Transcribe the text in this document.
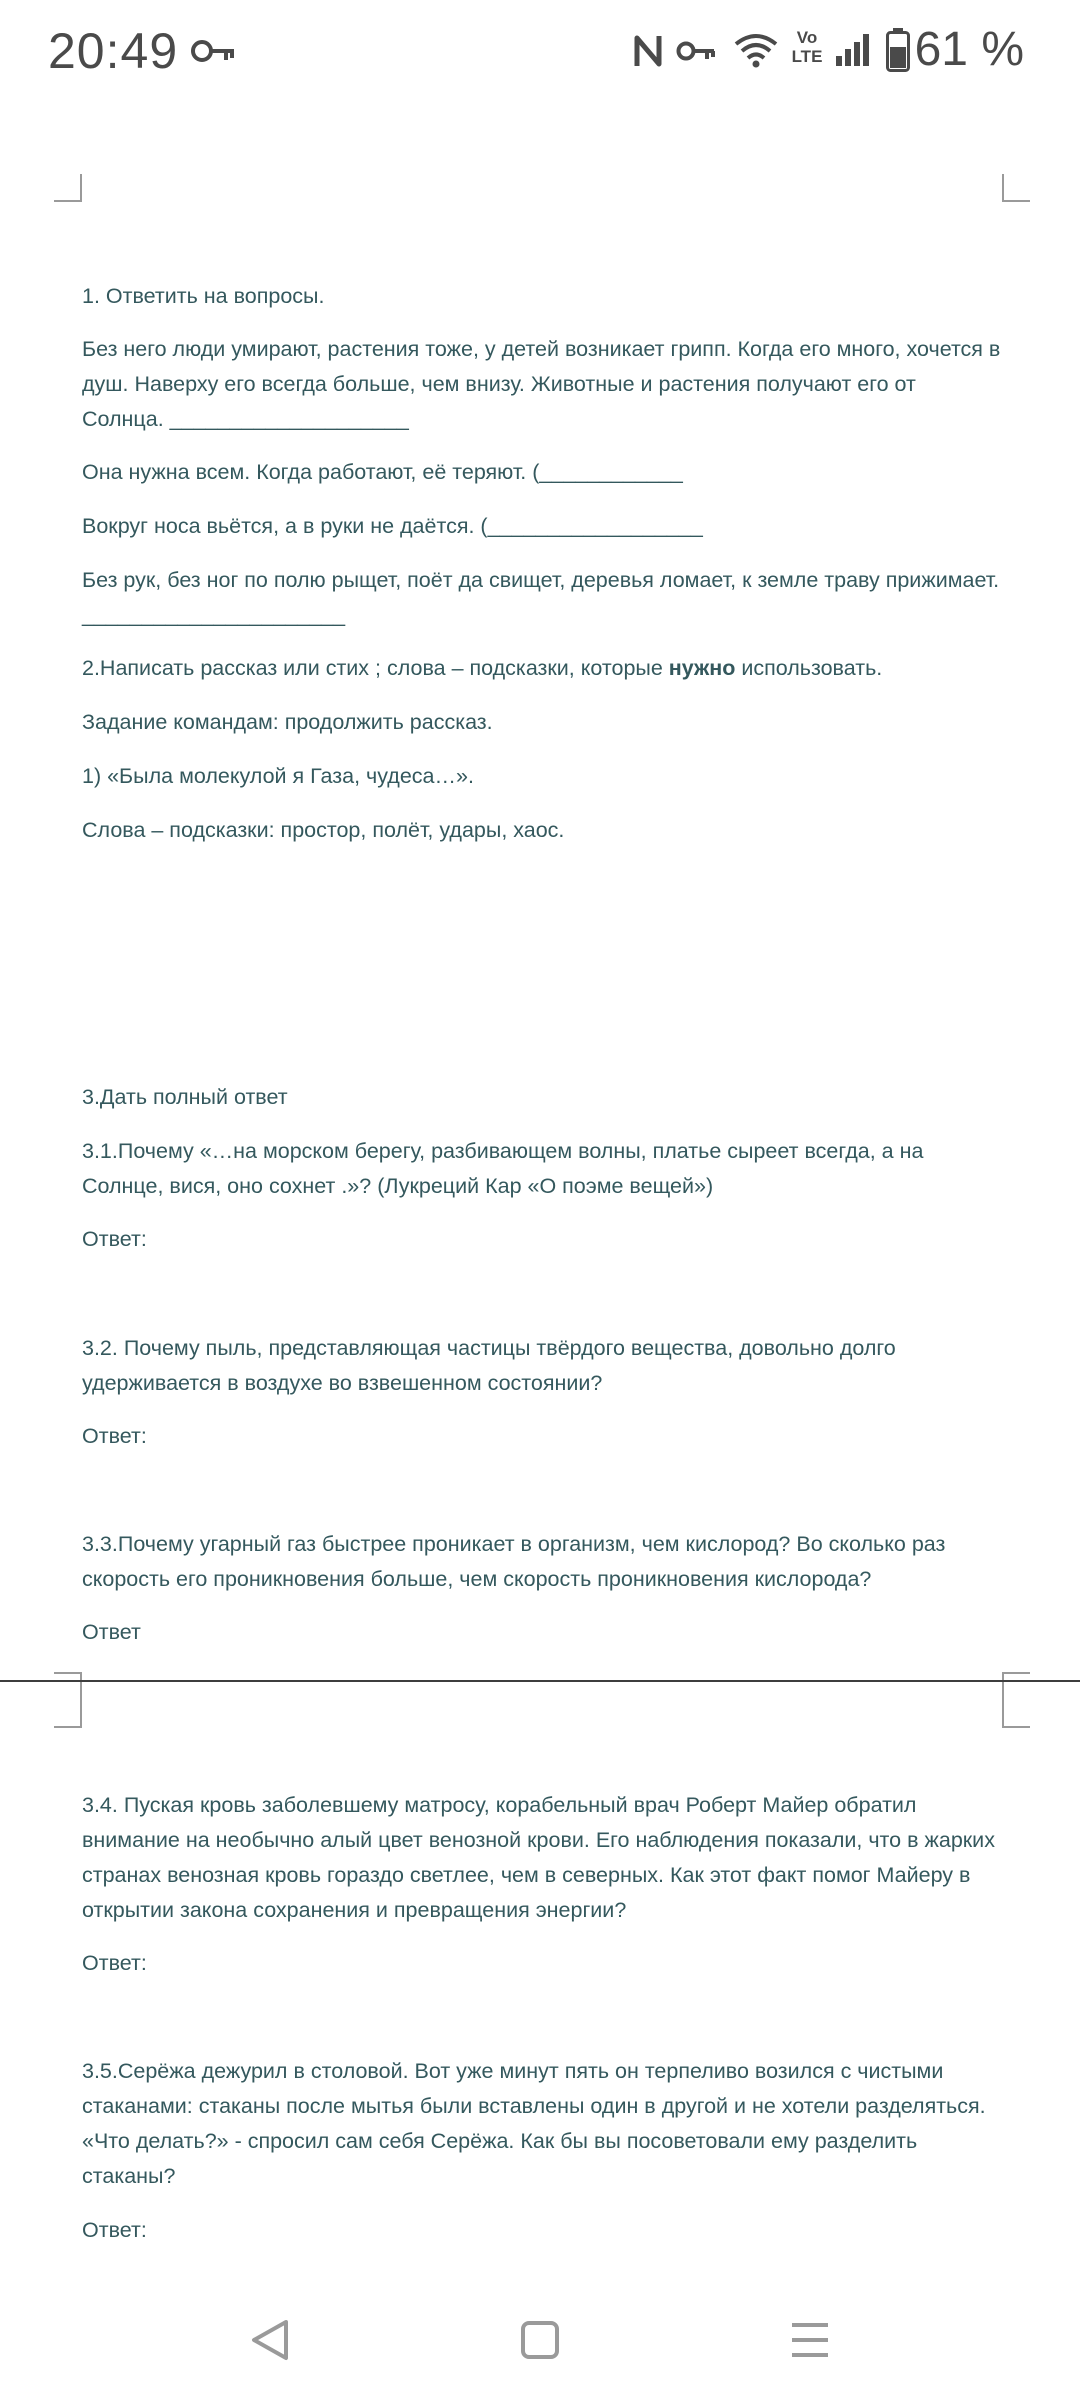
20:49	Vo
LTE 61 %
1. Ответить на вопросы.
Без него люди умирают, растения тоже, у детей возникает грипп. Когда его много, хочется в душ. Наверху его всегда больше, чем внизу. Животные и растения получают его от Солнца. ____________________
Она нужна всем. Когда работают, её теряют. (____________
Вокруг носа вьётся, а в руки не даётся. (__________________
Без рук, без ног по полю рыщет, поёт да свищет, деревья ломает, к земле траву прижимает. ______________________
2.Написать рассказ или стих ; слова – подсказки, которые нужно использовать.
Задание командам: продолжить рассказ.
1) «Была молекулой я Газа, чудеса…».
Слова – подсказки: простор, полёт, удары, хаос.
3.Дать полный ответ
3.1.Почему «…на морском берегу, разбивающем волны, платье сыреет всегда, а на Солнце, вися, оно сохнет .»? (Лукреций Кар «О поэме вещей»)
Ответ:
3.2. Почему пыль, представляющая частицы твёрдого вещества, довольно долго удерживается в воздухе во взвешенном состоянии?
Ответ:
3.3.Почему угарный газ быстрее проникает в организм, чем кислород? Во сколько раз скорость его проникновения больше, чем скорость проникновения кислорода?
Ответ
3.4. Пуская кровь заболевшему матросу, корабельный врач Роберт Майер обратил внимание на необычно алый цвет венозной крови. Его наблюдения показали, что в жарких странах венозная кровь гораздо светлее, чем в северных. Как этот факт помог Майеру в открытии закона сохранения и превращения энергии?
Ответ:
3.5.Серёжа дежурил в столовой. Вот уже минут пять он терпеливо возился с чистыми стаканами: стаканы после мытья были вставлены один в другой и не хотели разделяться. «Что делать?» - спросил сам себя Серёжа. Как бы вы посоветовали ему разделить стаканы?
Ответ:
